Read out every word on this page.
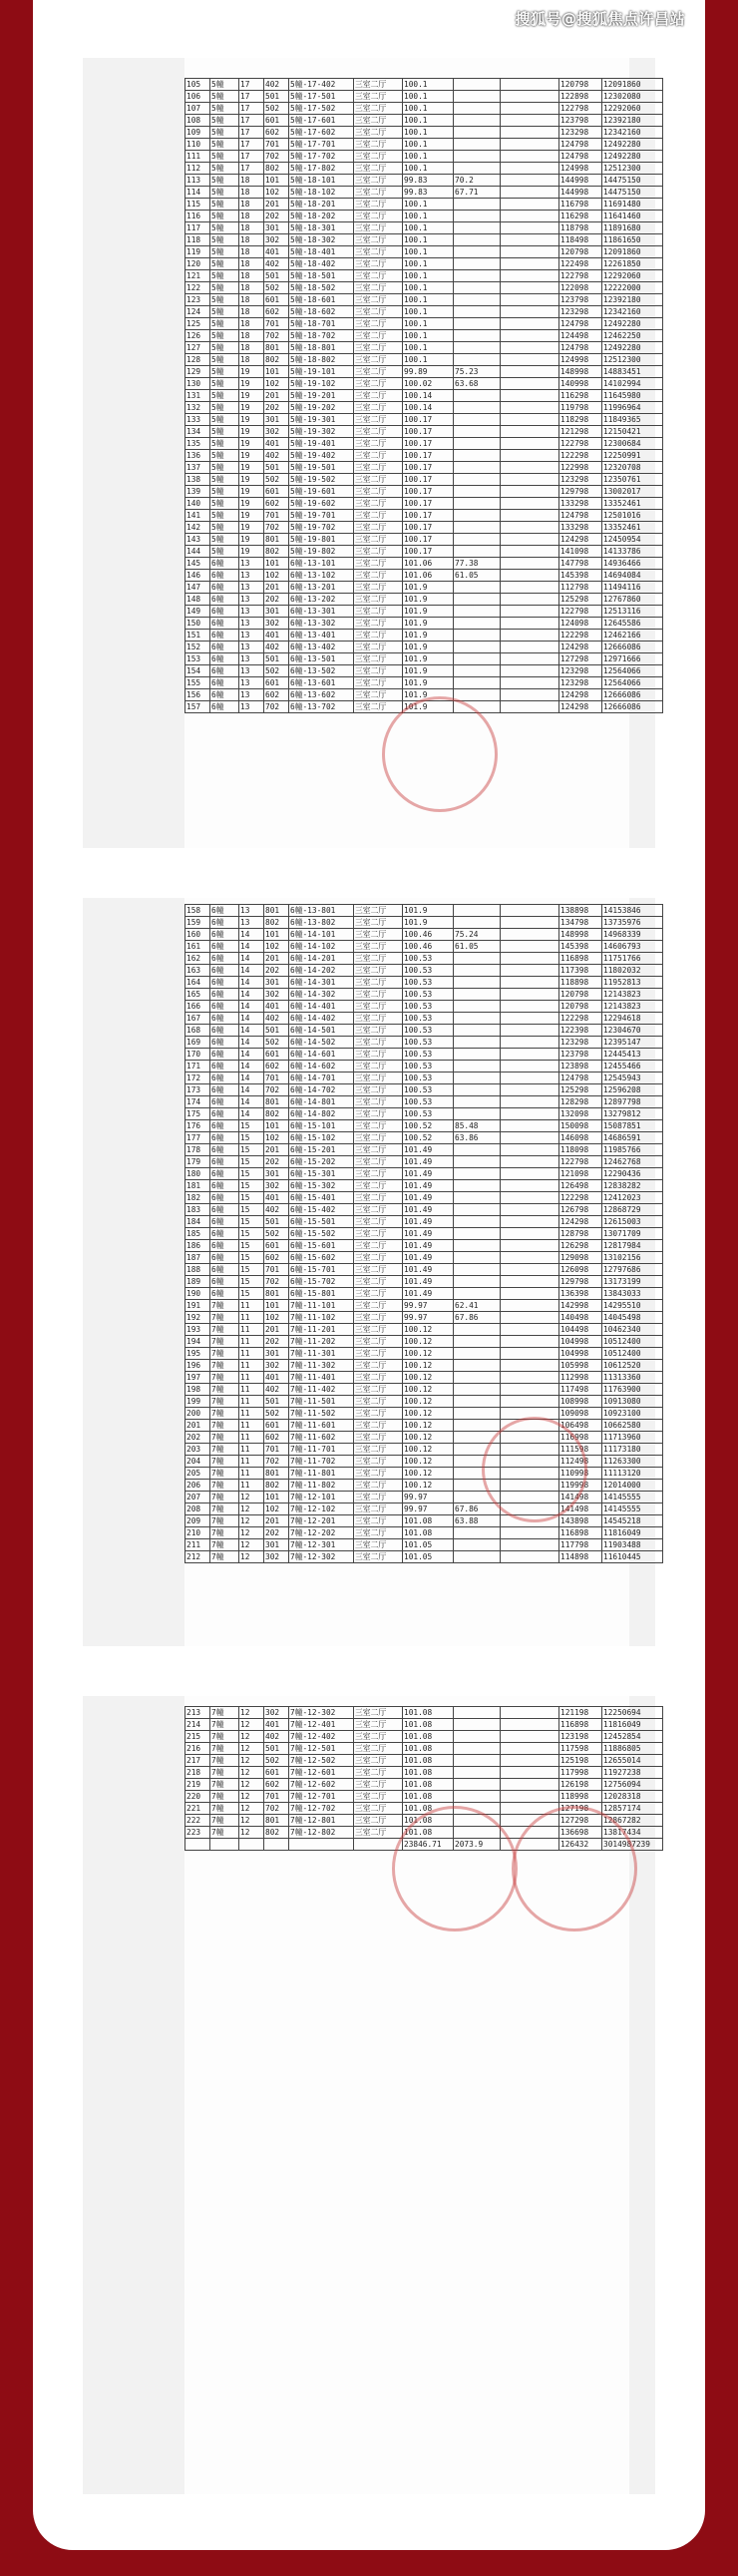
搜狐号@搜狐焦点许昌站
105	5幢	17	402	5幢-17-402	三室二厅	100.1			120798	12091860
106	5幢	17	501	5幢-17-501	三室二厅	100.1			122898	12302080
107	5幢	17	502	5幢-17-502	三室二厅	100.1			122798	12292060
108	5幢	17	601	5幢-17-601	三室二厅	100.1			123798	12392180
109	5幢	17	602	5幢-17-602	三室二厅	100.1			123298	12342160
110	5幢	17	701	5幢-17-701	三室二厅	100.1			124798	12492280
111	5幢	17	702	5幢-17-702	三室二厅	100.1			124798	12492280
112	5幢	17	802	5幢-17-802	三室二厅	100.1			124998	12512300
113	5幢	18	101	5幢-18-101	三室二厅	99.83	70.2		144998	14475150
114	5幢	18	102	5幢-18-102	三室二厅	99.83	67.71		144998	14475150
115	5幢	18	201	5幢-18-201	三室二厅	100.1			116798	11691480
116	5幢	18	202	5幢-18-202	三室二厅	100.1			116298	11641460
117	5幢	18	301	5幢-18-301	三室二厅	100.1			118798	11891680
118	5幢	18	302	5幢-18-302	三室二厅	100.1			118498	11861650
119	5幢	18	401	5幢-18-401	三室二厅	100.1			120798	12091860
120	5幢	18	402	5幢-18-402	三室二厅	100.1			122498	12261850
121	5幢	18	501	5幢-18-501	三室二厅	100.1			122798	12292060
122	5幢	18	502	5幢-18-502	三室二厅	100.1			122098	12222000
123	5幢	18	601	5幢-18-601	三室二厅	100.1			123798	12392180
124	5幢	18	602	5幢-18-602	三室二厅	100.1			123298	12342160
125	5幢	18	701	5幢-18-701	三室二厅	100.1			124798	12492280
126	5幢	18	702	5幢-18-702	三室二厅	100.1			124498	12462250
127	5幢	18	801	5幢-18-801	三室二厅	100.1			124798	12492280
128	5幢	18	802	5幢-18-802	三室二厅	100.1			124998	12512300
129	5幢	19	101	5幢-19-101	三室二厅	99.89	75.23		148998	14883451
130	5幢	19	102	5幢-19-102	三室二厅	100.02	63.68		140998	14102994
131	5幢	19	201	5幢-19-201	三室二厅	100.14			116298	11645980
132	5幢	19	202	5幢-19-202	三室二厅	100.14			119798	11996964
133	5幢	19	301	5幢-19-301	三室二厅	100.17			118298	11849365
134	5幢	19	302	5幢-19-302	三室二厅	100.17			121298	12150421
135	5幢	19	401	5幢-19-401	三室二厅	100.17			122798	12300684
136	5幢	19	402	5幢-19-402	三室二厅	100.17			122298	12250991
137	5幢	19	501	5幢-19-501	三室二厅	100.17			122998	12320708
138	5幢	19	502	5幢-19-502	三室二厅	100.17			123298	12350761
139	5幢	19	601	5幢-19-601	三室二厅	100.17			129798	13002017
140	5幢	19	602	5幢-19-602	三室二厅	100.17			133298	13352461
141	5幢	19	701	5幢-19-701	三室二厅	100.17			124798	12501016
142	5幢	19	702	5幢-19-702	三室二厅	100.17			133298	13352461
143	5幢	19	801	5幢-19-801	三室二厅	100.17			124298	12450954
144	5幢	19	802	5幢-19-802	三室二厅	100.17			141098	14133786
145	6幢	13	101	6幢-13-101	三室二厅	101.06	77.38		147798	14936466
146	6幢	13	102	6幢-13-102	三室二厅	101.06	61.05		145398	14694084
147	6幢	13	201	6幢-13-201	三室二厅	101.9			112798	11494116
148	6幢	13	202	6幢-13-202	三室二厅	101.9			125298	12767860
149	6幢	13	301	6幢-13-301	三室二厅	101.9			122798	12513116
150	6幢	13	302	6幢-13-302	三室二厅	101.9			124098	12645586
151	6幢	13	401	6幢-13-401	三室二厅	101.9			122298	12462166
152	6幢	13	402	6幢-13-402	三室二厅	101.9			124298	12666086
153	6幢	13	501	6幢-13-501	三室二厅	101.9			127298	12971666
154	6幢	13	502	6幢-13-502	三室二厅	101.9			123298	12564066
155	6幢	13	601	6幢-13-601	三室二厅	101.9			123298	12564066
156	6幢	13	602	6幢-13-602	三室二厅	101.9			124298	12666086
157	6幢	13	702	6幢-13-702	三室二厅	101.9			124298	12666086
158	6幢	13	801	6幢-13-801	三室二厅	101.9			138898	14153846
159	6幢	13	802	6幢-13-802	三室二厅	101.9			134798	13735976
160	6幢	14	101	6幢-14-101	三室二厅	100.46	75.24		148998	14968339
161	6幢	14	102	6幢-14-102	三室二厅	100.46	61.05		145398	14606793
162	6幢	14	201	6幢-14-201	三室二厅	100.53			116898	11751766
163	6幢	14	202	6幢-14-202	三室二厅	100.53			117398	11802032
164	6幢	14	301	6幢-14-301	三室二厅	100.53			118898	11952813
165	6幢	14	302	6幢-14-302	三室二厅	100.53			120798	12143823
166	6幢	14	401	6幢-14-401	三室二厅	100.53			120798	12143823
167	6幢	14	402	6幢-14-402	三室二厅	100.53			122298	12294618
168	6幢	14	501	6幢-14-501	三室二厅	100.53			122398	12304670
169	6幢	14	502	6幢-14-502	三室二厅	100.53			123298	12395147
170	6幢	14	601	6幢-14-601	三室二厅	100.53			123798	12445413
171	6幢	14	602	6幢-14-602	三室二厅	100.53			123898	12455466
172	6幢	14	701	6幢-14-701	三室二厅	100.53			124798	12545943
173	6幢	14	702	6幢-14-702	三室二厅	100.53			125298	12596208
174	6幢	14	801	6幢-14-801	三室二厅	100.53			128298	12897798
175	6幢	14	802	6幢-14-802	三室二厅	100.53			132098	13279812
176	6幢	15	101	6幢-15-101	三室二厅	100.52	85.48		150098	15087851
177	6幢	15	102	6幢-15-102	三室二厅	100.52	63.86		146098	14686591
178	6幢	15	201	6幢-15-201	三室二厅	101.49			118098	11985766
179	6幢	15	202	6幢-15-202	三室二厅	101.49			122798	12462768
180	6幢	15	301	6幢-15-301	三室二厅	101.49			121098	12290436
181	6幢	15	302	6幢-15-302	三室二厅	101.49			126498	12838282
182	6幢	15	401	6幢-15-401	三室二厅	101.49			122298	12412023
183	6幢	15	402	6幢-15-402	三室二厅	101.49			126798	12868729
184	6幢	15	501	6幢-15-501	三室二厅	101.49			124298	12615003
185	6幢	15	502	6幢-15-502	三室二厅	101.49			128798	13071709
186	6幢	15	601	6幢-15-601	三室二厅	101.49			126298	12817984
187	6幢	15	602	6幢-15-602	三室二厅	101.49			129098	13102156
188	6幢	15	701	6幢-15-701	三室二厅	101.49			126098	12797686
189	6幢	15	702	6幢-15-702	三室二厅	101.49			129798	13173199
190	6幢	15	801	6幢-15-801	三室二厅	101.49			136398	13843033
191	7幢	11	101	7幢-11-101	三室二厅	99.97	62.41		142998	14295510
192	7幢	11	102	7幢-11-102	三室二厅	99.97	67.86		140498	14045498
193	7幢	11	201	7幢-11-201	三室二厅	100.12			104498	10462340
194	7幢	11	202	7幢-11-202	三室二厅	100.12			104998	10512400
195	7幢	11	301	7幢-11-301	三室二厅	100.12			104998	10512400
196	7幢	11	302	7幢-11-302	三室二厅	100.12			105998	10612520
197	7幢	11	401	7幢-11-401	三室二厅	100.12			112998	11313360
198	7幢	11	402	7幢-11-402	三室二厅	100.12			117498	11763900
199	7幢	11	501	7幢-11-501	三室二厅	100.12			108998	10913080
200	7幢	11	502	7幢-11-502	三室二厅	100.12			109098	10923100
201	7幢	11	601	7幢-11-601	三室二厅	100.12			106498	10662580
202	7幢	11	602	7幢-11-602	三室二厅	100.12			116998	11713960
203	7幢	11	701	7幢-11-701	三室二厅	100.12			111598	11173180
204	7幢	11	702	7幢-11-702	三室二厅	100.12			112498	11263300
205	7幢	11	801	7幢-11-801	三室二厅	100.12			110998	11113120
206	7幢	11	802	7幢-11-802	三室二厅	100.12			119998	12014000
207	7幢	12	101	7幢-12-101	三室二厅	99.97			141498	14145555
208	7幢	12	102	7幢-12-102	三室二厅	99.97	67.86		141498	14145555
209	7幢	12	201	7幢-12-201	三室二厅	101.08	63.88		143898	14545218
210	7幢	12	202	7幢-12-202	三室二厅	101.08			116898	11816049
211	7幢	12	301	7幢-12-301	三室二厅	101.05			117798	11903488
212	7幢	12	302	7幢-12-302	三室二厅	101.05			114898	11610445
213	7幢	12	302	7幢-12-302	三室二厅	101.08			121198	12250694
214	7幢	12	401	7幢-12-401	三室二厅	101.08			116898	11816049
215	7幢	12	402	7幢-12-402	三室二厅	101.08			123198	12452854
216	7幢	12	501	7幢-12-501	三室二厅	101.08			117598	11886805
217	7幢	12	502	7幢-12-502	三室二厅	101.08			125198	12655014
218	7幢	12	601	7幢-12-601	三室二厅	101.08			117998	11927238
219	7幢	12	602	7幢-12-602	三室二厅	101.08			126198	12756094
220	7幢	12	701	7幢-12-701	三室二厅	101.08			118998	12028318
221	7幢	12	702	7幢-12-702	三室二厅	101.08			127198	12857174
222	7幢	12	801	7幢-12-801	三室二厅	101.08			127298	12867282
223	7幢	12	802	7幢-12-802	三室二厅	101.08			136698	13817434
						23846.71	2073.9		126432	3014987239
